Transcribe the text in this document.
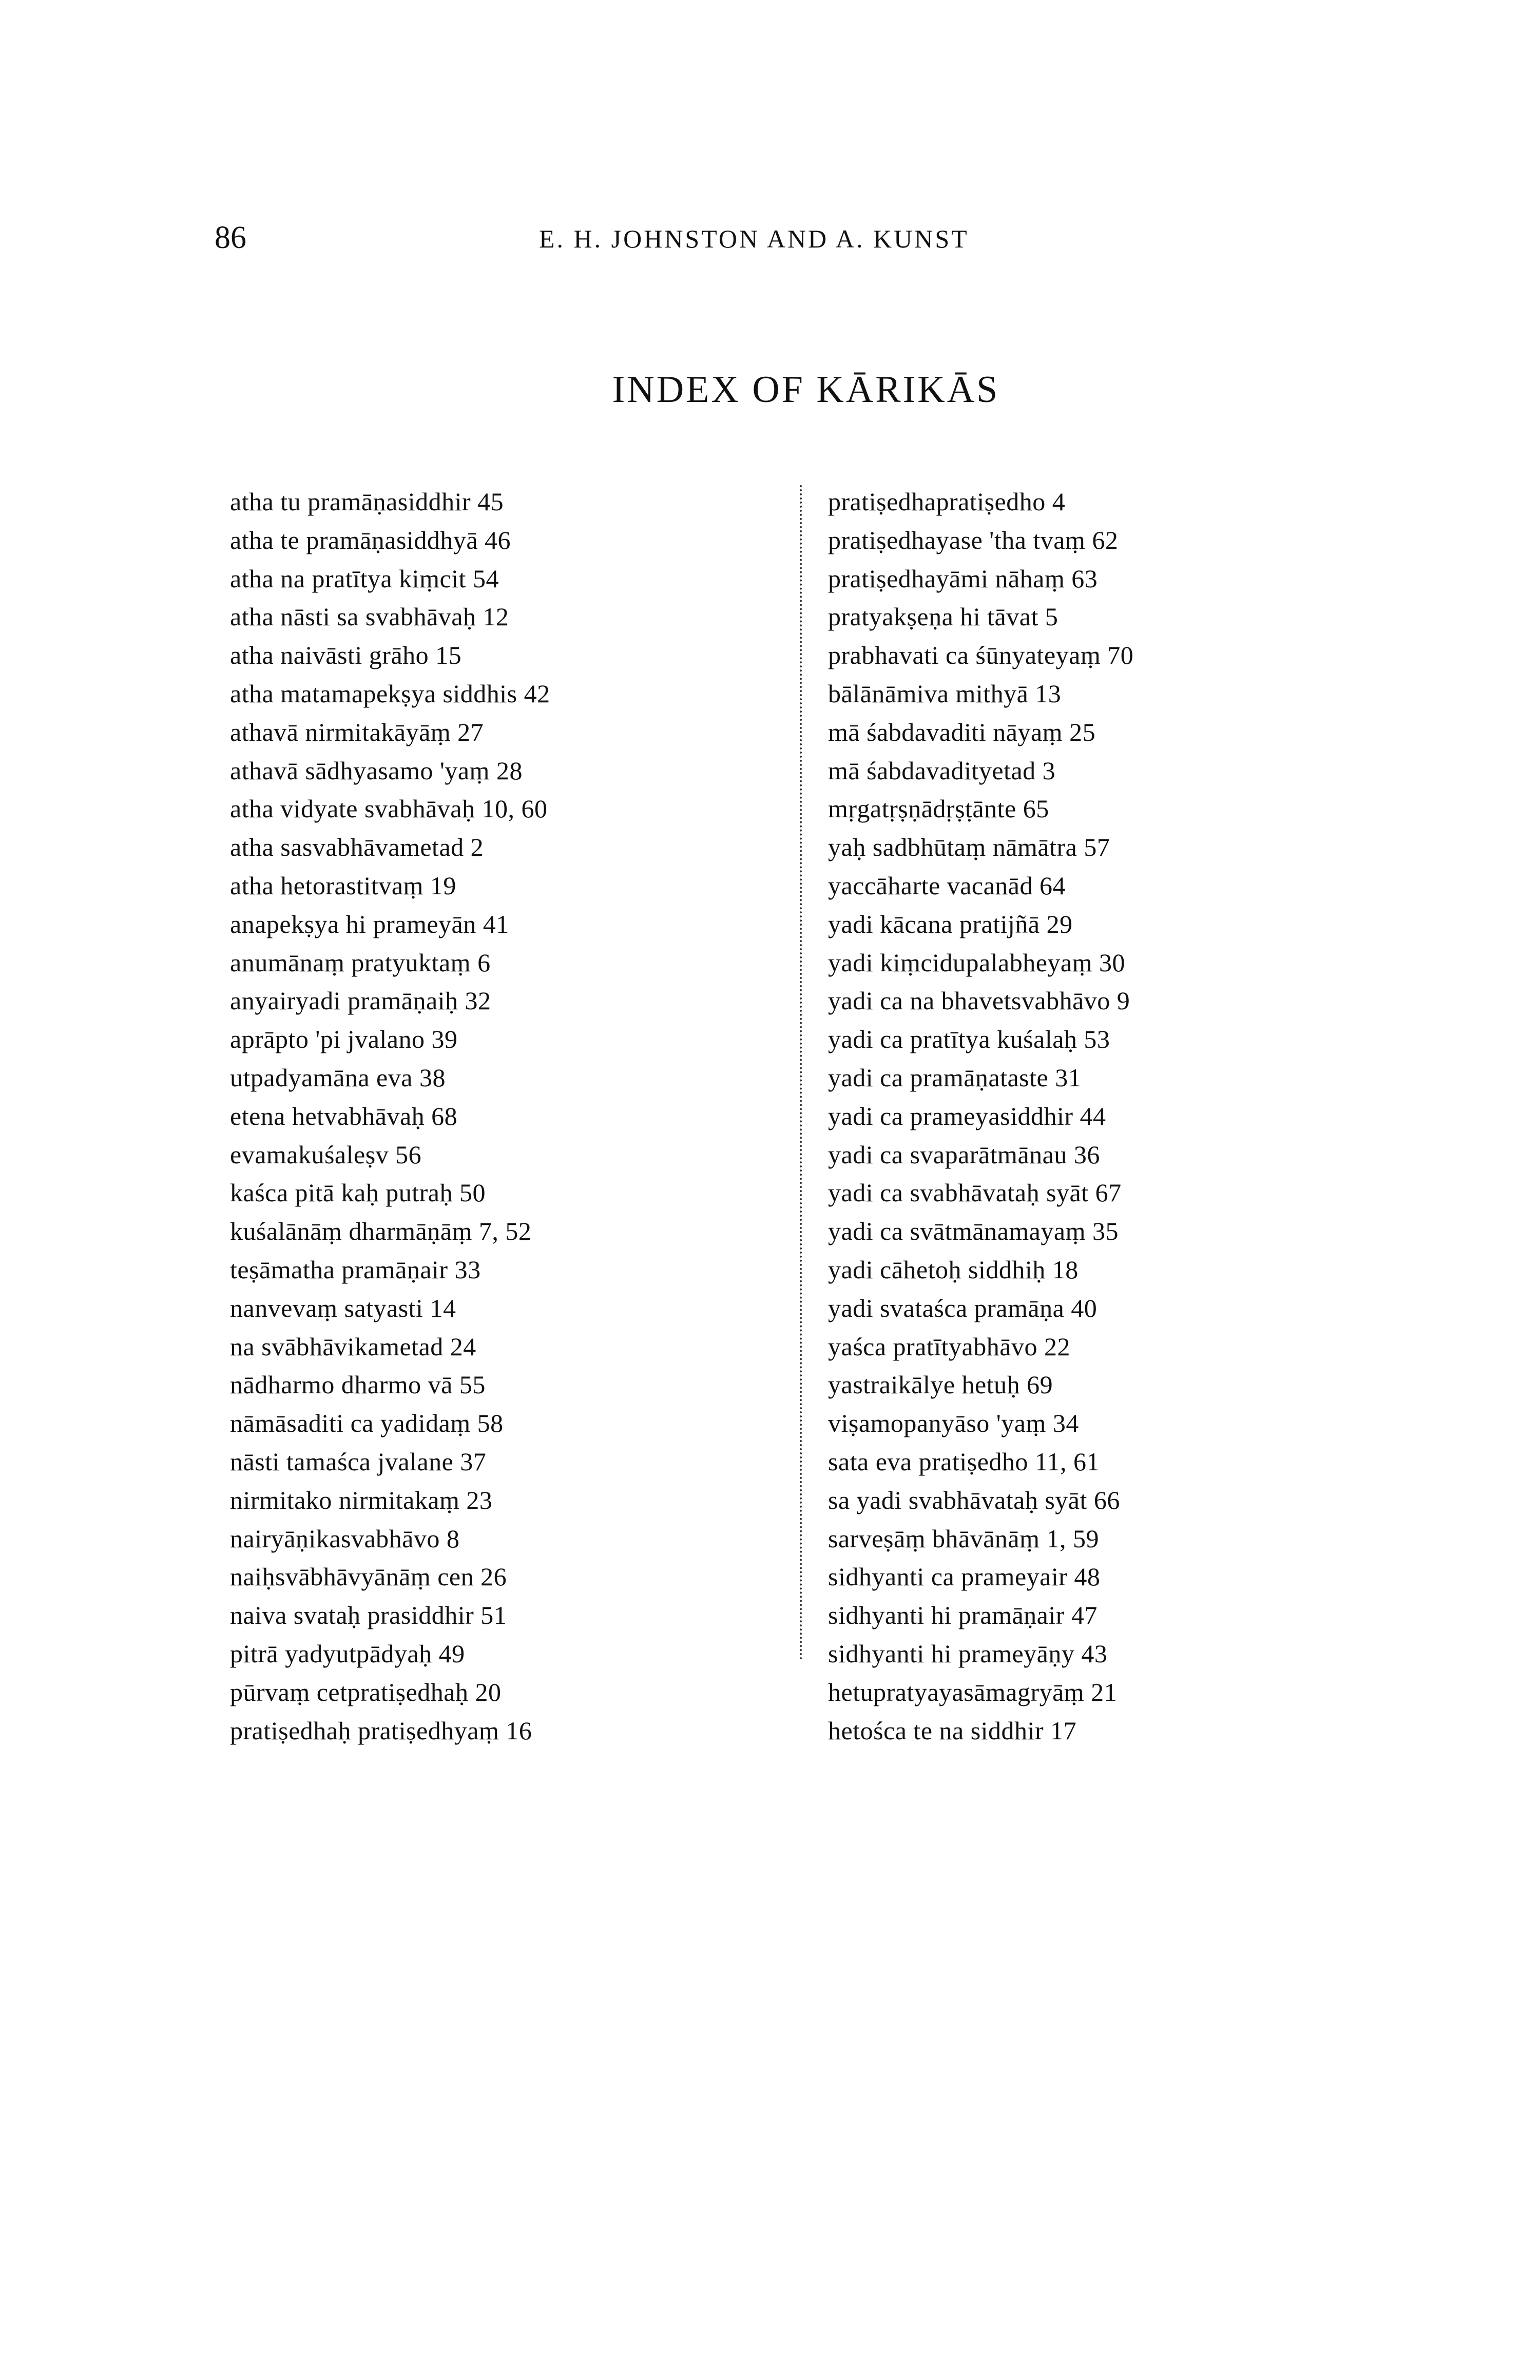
86	E. H. JOHNSTON AND A. KUNST
INDEX OF KĀRIKĀS
atha tu pramāṇasiddhir 45
atha te pramāṇasiddhyā 46
atha na pratītya kiṃcit 54
atha nāsti sa svabhāvaḥ 12
atha naivāsti grāho 15
atha matamapekṣya siddhis 42
athavā nirmitakāyāṃ 27
athavā sādhyasamo 'yaṃ 28
atha vidyate svabhāvaḥ 10, 60
atha sasvabhāvametad 2
atha hetorastitvaṃ 19
anapekṣya hi prameyān 41
anumānaṃ pratyuktaṃ 6
anyairyadi pramāṇaiḥ 32
aprāpto 'pi jvalano 39
utpadyamāna eva 38
etena hetvabhāvaḥ 68
evamakuśaleṣv 56
kaśca pitā kaḥ putraḥ 50
kuśalānāṃ dharmāṇāṃ 7, 52
teṣāmatha pramāṇair 33
nanvevaṃ satyasti 14
na svābhāvikametad 24
nādharmo dharmo vā 55
nāmāsaditi ca yadidaṃ 58
nāsti tamaśca jvalane 37
nirmitako nirmitakaṃ 23
nairyāṇikasvabhāvo 8
naiḥsvābhāvyānāṃ cen 26
naiva svataḥ prasiddhir 51
pitrā yadyutpādyaḥ 49
pūrvaṃ cetpratiṣedhaḥ 20
pratiṣedhaḥ pratiṣedhyaṃ 16
pratiṣedhapratiṣedho 4
pratiṣedhayase 'tha tvaṃ 62
pratiṣedhayāmi nāhaṃ 63
pratyakṣeṇa hi tāvat 5
prabhavati ca śūnyateyaṃ 70
bālānāmiva mithyā 13
mā śabdavaditi nāyaṃ 25
mā śabdavadityetad 3
mṛgatṛṣṇādṛṣṭānte 65
yaḥ sadbhūtaṃ nāmātra 57
yaccāharte vacanād 64
yadi kācana pratijñā 29
yadi kiṃcidupalabheyaṃ 30
yadi ca na bhavetsvabhāvo 9
yadi ca pratītya kuśalaḥ 53
yadi ca pramāṇataste 31
yadi ca prameyasiddhir 44
yadi ca svaparātmānau 36
yadi ca svabhāvataḥ syāt 67
yadi ca svātmānamayaṃ 35
yadi cāhetoḥ siddhiḥ 18
yadi svataśca pramāṇa 40
yaśca pratītyabhāvo 22
yastraikālye hetuḥ 69
viṣamopanyāso 'yaṃ 34
sata eva pratiṣedho 11, 61
sa yadi svabhāvataḥ syāt 66
sarveṣāṃ bhāvānāṃ 1, 59
sidhyanti ca prameyair 48
sidhyanti hi pramāṇair 47
sidhyanti hi prameyāṇy 43
hetupratyayasāmagryāṃ 21
hetośca te na siddhir 17
